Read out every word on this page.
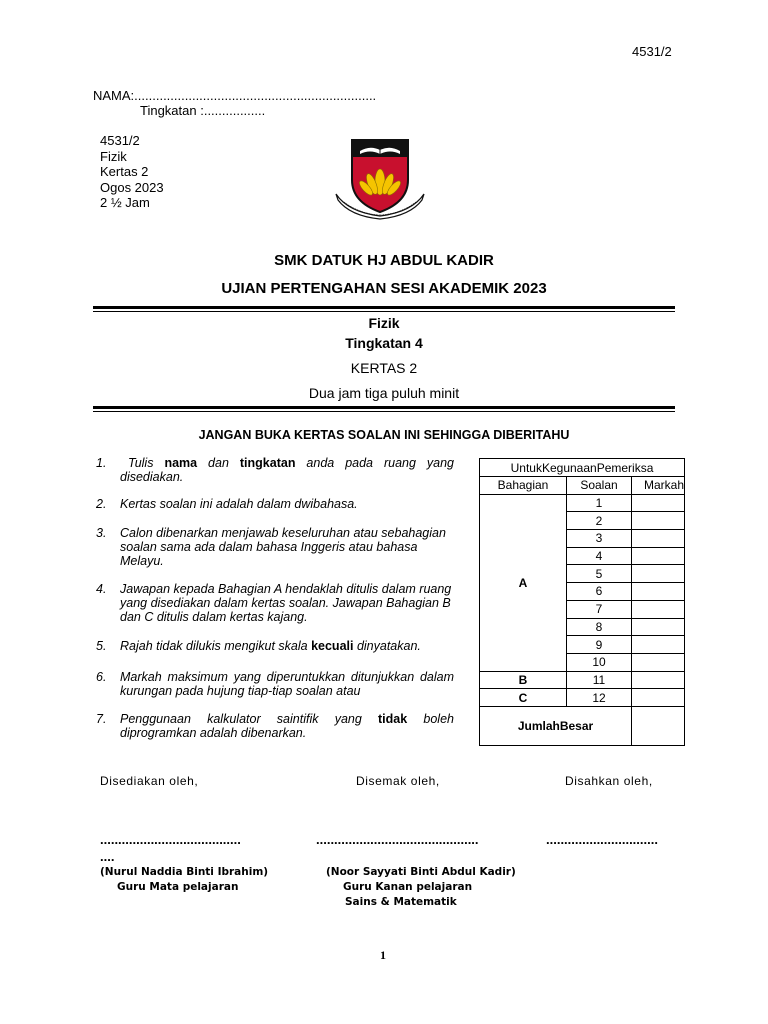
4531/2
NAMA:...................................................................
Tingkatan :.................
4531/2
Fizik
Kertas 2
Ogos 2023
2 ½ Jam
SMK DATUK HJ ABDUL KADIR
UJIAN PERTENGAHAN SESI AKADEMIK 2023
Fizik
Tingkatan 4
KERTAS 2
Dua jam tiga puluh minit
JANGAN BUKA KERTAS SOALAN INI SEHINGGA DIBERITAHU
1.	Tulis nama dan tingkatan anda pada ruang yang disediakan.
2. Kertas soalan ini adalah dalam dwibahasa.
3. Calon dibenarkan menjawab keseluruhan atau sebahagian soalan sama ada dalam bahasa Inggeris atau bahasa Melayu.
4. Jawapan kepada Bahagian A hendaklah ditulis dalam ruang yang disediakan dalam kertas soalan. Jawapan Bahagian B dan C ditulis dalam kertas kajang.
5. Rajah tidak dilukis mengikut skala kecuali dinyatakan.
6. Markah maksimum yang diperuntukkan ditunjukkan dalam kurungan pada hujung tiap-tiap soalan atau
7. Penggunaan kalkulator saintifik yang tidak boleh diprogramkan adalah dibenarkan.
UntukKegunaanPemeriksa		
Bahagian	Soalan	Markah
A	1	
	2	
	3	
	4	
	5	
	6	
	7	
	8	
	9	
	10	
B	11	
C	12	
JumlahBesar		
Disediakan oleh,	Disemak oleh,	Disahkan oleh,
.......................................
....
.............................................	...............................
(Nurul Naddia Binti Ibrahim)
Guru Mata pelajaran
(Noor Sayyati Binti Abdul Kadir)
Guru Kanan pelajaran
Sains & Matematik
1
